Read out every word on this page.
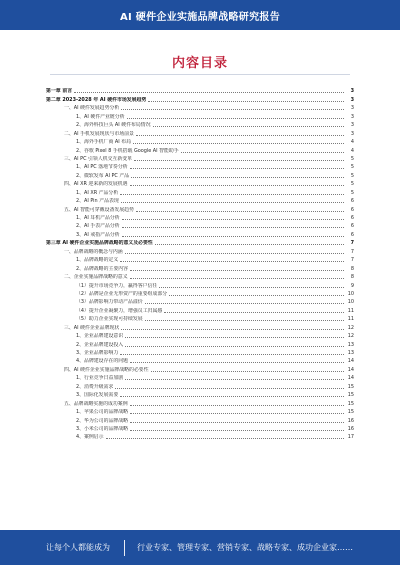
AI 硬件企业实施品牌战略研究报告
内容目录
第一章 前言	3
第二章 2023-2028 年 AI 硬件市场发展趋势	3
一、AI 硬件发展趋势分析	3
1、AI 硬件产业链分析	3
2、海外科技巨头 AI 硬件布局情况	3
二、AI 手机发展现状与市场前景	3
1、海外手机厂商 AI 布局	4
2、谷歌 Pixel 8 手机搭载 Google AI 智能助手	4
三、AI PC 引领人机交互新变革	5
1、AI PC 落地节奏分析	5
2、微软发布 AI PC 产品	5
四、AI XR 迎来新的发展机遇	5
1、AI XR 产品分析	5
2、AI Pin 产品表现	6
五、AI 智能可穿戴设备发展趋势	6
1、AI 耳机产品分析	6
2、AI 手表产品分析	6
3、AI 戒指产品分析	6
第三章 AI 硬件企业实施品牌战略的意义及必要性	7
一、品牌战略的概念与内涵	7
1、品牌战略的定义	7
2、品牌战略的主要内容	8
二、企业实施品牌战略的意义	8
（1）提升市场竞争力，赢得客户信任	9
（2）品牌是企业无形资产的重要组成部分	10
（3）品牌影响力带动产品溢价	10
（4）提升企业凝聚力，增强员工归属感	11
（5）助力企业实现可持续发展	11
三、AI 硬件企业品牌现状	12
1、企业品牌建设意识	12
2、企业品牌建设投入	13
3、企业品牌影响力	13
4、品牌建设存在的问题	14
四、AI 硬件企业实施品牌战略的必要性	14
1、行业竞争日益加剧	14
2、消费升级需求	15
3、国际化发展需要	15
五、品牌战略实施的成功案例	15
1、苹果公司的品牌战略	15
2、华为公司的品牌战略	16
3、小米公司的品牌战略	16
4、案例启示	17
让每个人都能成为	行业专家、管理专家、营销专家、战略专家、成功企业家……
